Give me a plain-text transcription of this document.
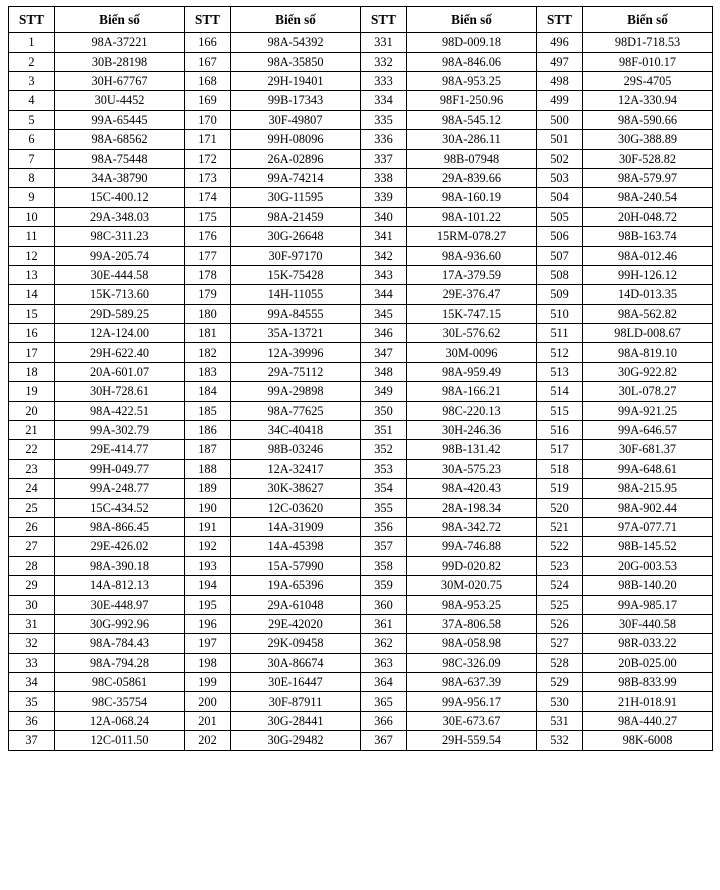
STT	Biển số	STT	Biển số	STT	Biển số	STT	Biển số
1	98A-37221	166	98A-54392	331	98D-009.18	496	98D1-718.53
2	30B-28198	167	98A-35850	332	98A-846.06	497	98F-010.17
3	30H-67767	168	29H-19401	333	98A-953.25	498	29S-4705
4	30U-4452	169	99B-17343	334	98F1-250.96	499	12A-330.94
5	99A-65445	170	30F-49807	335	98A-545.12	500	98A-590.66
6	98A-68562	171	99H-08096	336	30A-286.11	501	30G-388.89
7	98A-75448	172	26A-02896	337	98B-07948	502	30F-528.82
8	34A-38790	173	99A-74214	338	29A-839.66	503	98A-579.97
9	15C-400.12	174	30G-11595	339	98A-160.19	504	98A-240.54
10	29A-348.03	175	98A-21459	340	98A-101.22	505	20H-048.72
11	98C-311.23	176	30G-26648	341	15RM-078.27	506	98B-163.74
12	99A-205.74	177	30F-97170	342	98A-936.60	507	98A-012.46
13	30E-444.58	178	15K-75428	343	17A-379.59	508	99H-126.12
14	15K-713.60	179	14H-11055	344	29E-376.47	509	14D-013.35
15	29D-589.25	180	99A-84555	345	15K-747.15	510	98A-562.82
16	12A-124.00	181	35A-13721	346	30L-576.62	511	98LD-008.67
17	29H-622.40	182	12A-39996	347	30M-0096	512	98A-819.10
18	20A-601.07	183	29A-75112	348	98A-959.49	513	30G-922.82
19	30H-728.61	184	99A-29898	349	98A-166.21	514	30L-078.27
20	98A-422.51	185	98A-77625	350	98C-220.13	515	99A-921.25
21	99A-302.79	186	34C-40418	351	30H-246.36	516	99A-646.57
22	29E-414.77	187	98B-03246	352	98B-131.42	517	30F-681.37
23	99H-049.77	188	12A-32417	353	30A-575.23	518	99A-648.61
24	99A-248.77	189	30K-38627	354	98A-420.43	519	98A-215.95
25	15C-434.52	190	12C-03620	355	28A-198.34	520	98A-902.44
26	98A-866.45	191	14A-31909	356	98A-342.72	521	97A-077.71
27	29E-426.02	192	14A-45398	357	99A-746.88	522	98B-145.52
28	98A-390.18	193	15A-57990	358	99D-020.82	523	20G-003.53
29	14A-812.13	194	19A-65396	359	30M-020.75	524	98B-140.20
30	30E-448.97	195	29A-61048	360	98A-953.25	525	99A-985.17
31	30G-992.96	196	29E-42020	361	37A-806.58	526	30F-440.58
32	98A-784.43	197	29K-09458	362	98A-058.98	527	98R-033.22
33	98A-794.28	198	30A-86674	363	98C-326.09	528	20B-025.00
34	98C-05861	199	30E-16447	364	98A-637.39	529	98B-833.99
35	98C-35754	200	30F-87911	365	99A-956.17	530	21H-018.91
36	12A-068.24	201	30G-28441	366	30E-673.67	531	98A-440.27
37	12C-011.50	202	30G-29482	367	29H-559.54	532	98K-6008
